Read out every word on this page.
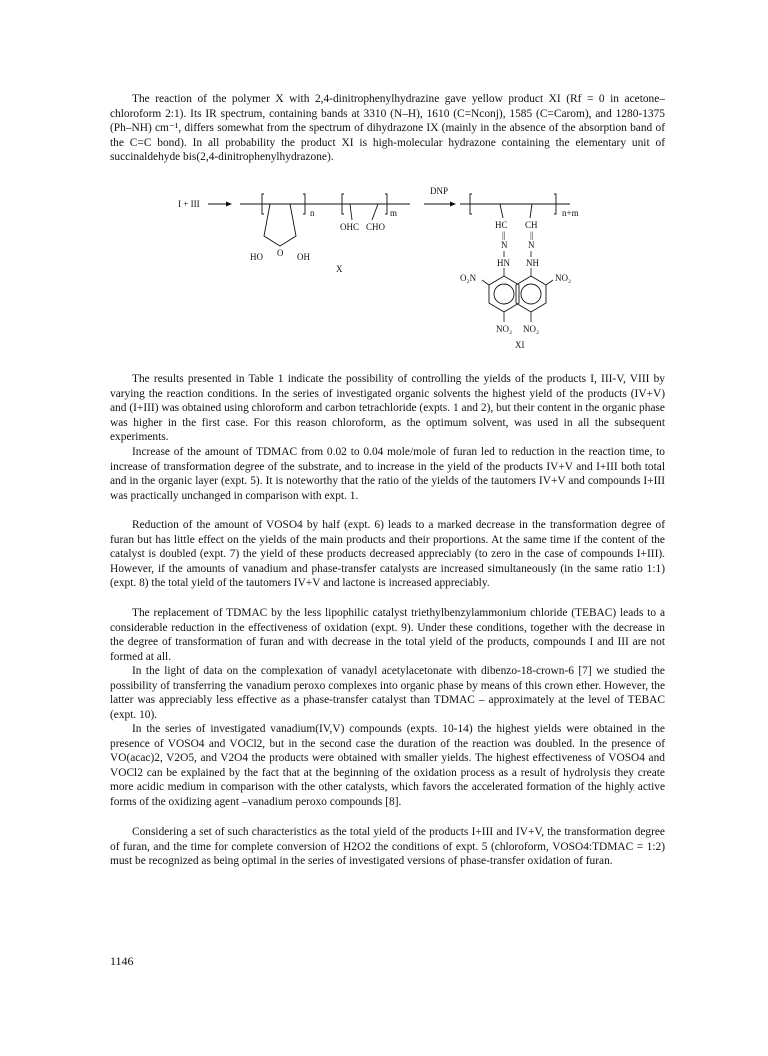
The reaction of the polymer X with 2,4-dinitrophenylhydrazine gave yellow product XI (Rf = 0 in acetone–chloroform 2:1). Its IR spectrum, containing bands at 3310 (N–H), 1610 (C=Nconj), 1585 (C=Carom), and 1280-1375 (Ph–NH) cm⁻¹, differs somewhat from the spectrum of dihydrazone IX (mainly in the absence of the absorption band of the C=C bond). In all probability the product XI is high-molecular hydrazone containing the elementary unit of succinaldehyde bis(2,4-dinitrophenylhydrazone).

I + III
n
HO O OH
m
OHC CHO
X
DNP
n+m
HC CH
||	||
N N
HN NH
O₂N	NO₂
NO₂ NO₂
XI

The results presented in Table 1 indicate the possibility of controlling the yields of the products I, III-V, VIII by varying the reaction conditions. In the series of investigated organic solvents the highest yield of the products (IV+V) and (I+III) was obtained using chloroform and carbon tetrachloride (expts. 1 and 2), but their content in the organic phase was higher in the first case. For this reason chloroform, as the optimum solvent, was used in all the subsequent experiments.

Increase of the amount of TDMAC from 0.02 to 0.04 mole/mole of furan led to reduction in the reaction time, to increase of transformation degree of the substrate, and to increase in the yield of the products IV+V and I+III both total and in the organic layer (expt. 5). It is noteworthy that the ratio of the yields of the tautomers IV+V and compounds I+III was practically unchanged in comparison with expt. 1.

Reduction of the amount of VOSO4 by half (expt. 6) leads to a marked decrease in the transformation degree of furan but has little effect on the yields of the main products and their proportions. At the same time if the content of the catalyst is doubled (expt. 7) the yield of these products decreased appreciably (to zero in the case of compounds I+III). However, if the amounts of vanadium and phase-transfer catalysts are increased simultaneously (in the same ratio 1:1) (expt. 8) the total yield of the tautomers IV+V and lactone is increased appreciably.

The replacement of TDMAC by the less lipophilic catalyst triethylbenzylammonium chloride (TEBAC) leads to a considerable reduction in the effectiveness of oxidation (expt. 9). Under these conditions, together with the decrease in the degree of transformation of furan and with decrease in the total yield of the products, compounds I and III are not formed at all.

In the light of data on the complexation of vanadyl acetylacetonate with dibenzo-18-crown-6 [7] we studied the possibility of transferring the vanadium peroxo complexes into organic phase by means of this crown ether. However, the latter was appreciably less effective as a phase-transfer catalyst than TDMAC – approximately at the level of TEBAC (expt. 10).

In the series of investigated vanadium(IV,V) compounds (expts. 10-14) the highest yields were obtained in the presence of VOSO4 and VOCl2, but in the second case the duration of the reaction was doubled. In the presence of VO(acac)2, V2O5, and V2O4 the products were obtained with smaller yields. The highest effectiveness of VOSO4 and VOCl2 can be explained by the fact that at the beginning of the oxidation process as a result of hydrolysis they create more acidic medium in comparison with the other catalysts, which favors the accelerated formation of the highly active forms of the oxidizing agent –vanadium peroxo compounds [8].

Considering a set of such characteristics as the total yield of the products I+III and IV+V, the transformation degree of furan, and the time for complete conversion of H2O2 the conditions of expt. 5 (chloroform, VOSO4:TDMAC = 1:2) must be recognized as being optimal in the series of investigated versions of phase-transfer oxidation of furan.

1146
